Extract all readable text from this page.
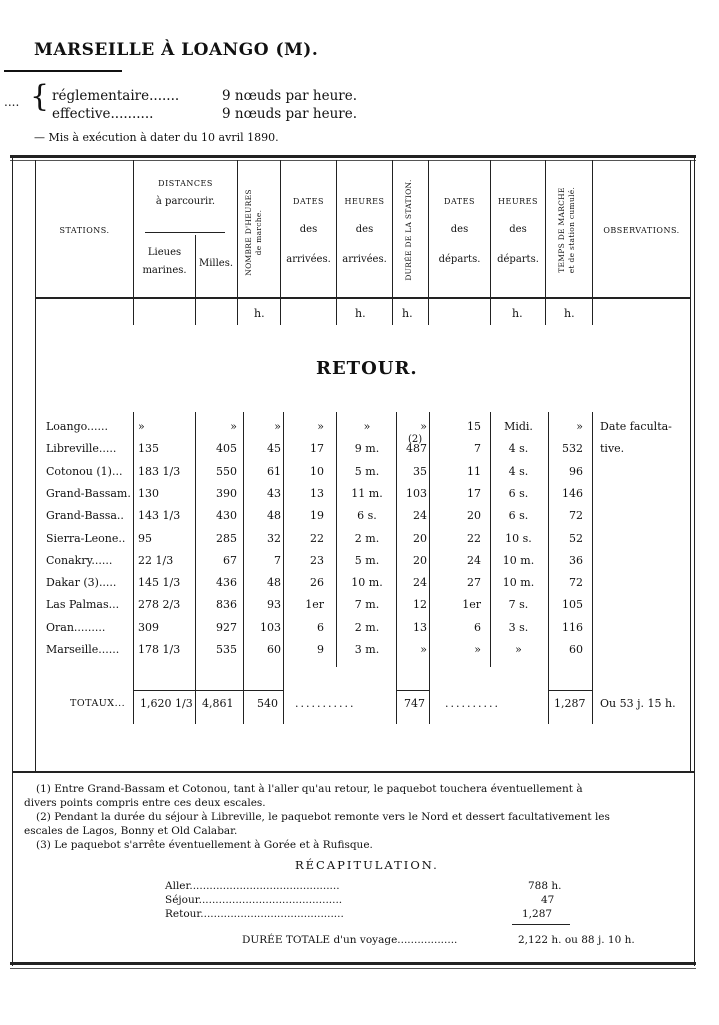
MARSEILLE À LOANGO (M).
{
.... réglementaire.......	9 nœuds par heure.
effective..........	9 nœuds par heure.
— Mis à exécution à dater du 10 avril 1890.
STATIONS.
DISTANCES
à parcourir.
Lieues
marines.
Milles.	NOMBRE D'HEURES
de marche.
DATES
des
arrivées.
HEURES
des
arrivées.	DURÉE DE LA STATION.	DATES
des
départs.
HEURES
des
départs.	TEMPS DE MARCHE
et de station cumulé.	OBSERVATIONS.
h.	h.	h.	h.	h.
RETOUR.
Loango......	»	»	»	»	»	»	15	Midi.	» Date faculta-
Libreville..... 135	405	45	17	9 m.	487	7	4 s.	532 tive.
Cotonou (1)... 183 1/3	550	61	10	5 m.	35	11	4 s.	96
Grand-Bassam. 130	390	43	13	11 m.	103	17	6 s.	146
Grand-Bassa.. 143 1/3	430	48	19	6 s.	24	20	6 s.	72
Sierra-Leone.. 95	285	32	22	2 m.	20	22	10 s.	52
Conakry...... 22 1/3	67	7	23	5 m.	20	24	10 m.	36
Dakar (3)..... 145 1/3	436	48	26	10 m.	24	27	10 m.	72
Las Palmas... 278 2/3	836	93	1er	7 m.	12	1er	7 s.	105
Oran.........	309	927	103	6	2 m.	13	6	3 s.	116
Marseille...... 178 1/3	535	60	9	3 m.	»	»	»	60
(2)
TOTAUX... 1,620 1/3 4,861 540 ...........	747 ..........	1,287 Ou 53 j. 15 h.
(1) Entre Grand-Bassam et Cotonou, tant à l'aller qu'au retour, le paquebot touchera éventuellement à
divers points compris entre ces deux escales.
(2) Pendant la durée du séjour à Libreville, le paquebot remonte vers le Nord et dessert facultativement les
escales de Lagos, Bonny et Old Calabar.
(3) Le paquebot s'arrête éventuellement à Gorée et à Rufisque.
RÉCAPITULATION.
Aller.............................................	788 h.
Séjour...........................................	47
Retour...........................................	1,287
DURÉE TOTALE d'un voyage..................	2,122 h. ou 88 j. 10 h.
